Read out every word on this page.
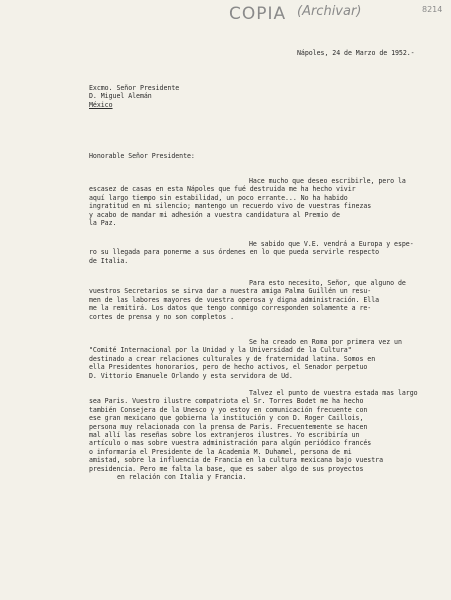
COPIA (Archivar)	8214
Nápoles, 24 de Marzo de 1952.-
Excmo. Señor Presidente
D. Miguel Alemán
México
Honorable Señor Presidente:
Hace mucho que deseo escribirle, pero la
escasez de casas en esta Nápoles que fué destruida me ha hecho vivir
aquí largo tiempo sin estabilidad, un poco errante... No ha habido
ingratitud en mi silencio; mantengo un recuerdo vivo de vuestras finezas
y acabo de mandar mi adhesión a vuestra candidatura al Premio de
la Paz.
He sabido que V.E. vendrá a Europa y espe-
ro su llegada para ponerme a sus órdenes en lo que pueda servirle respecto
de Italia.
Para esto necesito, Señor, que alguno de
vuestros Secretarios se sirva dar a nuestra amiga Palma Guillén un resu-
men de las labores mayores de vuestra operosa y digna administración. Ella
me la remitirá. Los datos que tengo conmigo corresponden solamente a re-
cortes de prensa y no son completos .
Se ha creado en Roma por primera vez un
"Comité Internacional por la Unidad y la Universidad de la Cultura"
destinado a crear relaciones culturales y de fraternidad latina. Somos en
ella Presidentes honorarios, pero de hecho activos, el Senador perpetuo
D. Vittorio Emanuele Orlando y esta servidora de Ud.
Talvez el punto de vuestra estada mas largo
sea Paris. Vuestro ilustre compatriota el Sr. Torres Bodet me ha hecho
también Consejera de la Unesco y yo estoy en comunicación frecuente con
ese gran mexicano que gobierna la institución y con D. Roger Caillois,
persona muy relacionada con la prensa de Paris. Frecuentemente se hacen
mal allí las reseñas sobre los extranjeros ilustres. Yo escribiría un
artículo o mas sobre vuestra administración para algún periódico francés
o informaría el Presidente de la Academia M. Duhamel, persona de mi
amistad, sobre la influencia de Francia en la cultura mexicana bajo vuestra
presidencia. Pero me falta la base, que es saber algo de sus proyectos
en relación con Italia y Francia.
